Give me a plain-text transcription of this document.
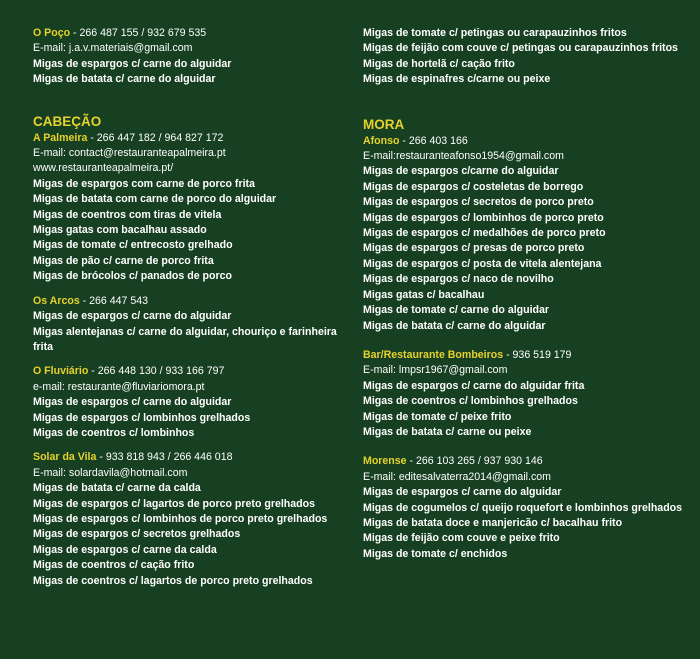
O Poço - 266 487 155 / 932 679 535
E-mail: j.a.v.materiais@gmail.com
Migas de espargos c/ carne do alguidar
Migas de batata c/ carne do alguidar
CABEÇÃO
A Palmeira - 266 447 182 / 964 827 172
E-mail: contact@restauranteapalmeira.pt
www.restauranteapalmeira.pt/
Migas de espargos com carne de porco frita
Migas de batata com carne de porco do alguidar
Migas de coentros com tiras de vitela
Migas gatas com bacalhau assado
Migas de tomate c/ entrecosto grelhado
Migas de pão c/ carne de porco frita
Migas de brócolos c/ panados de porco
Os Arcos - 266 447 543
Migas de espargos c/ carne do alguidar
Migas alentejanas c/ carne do alguidar, chouriço e farinheira
frita
O Fluviário - 266 448 130 / 933 166 797
e-mail: restaurante@fluviariomora.pt
Migas de espargos c/ carne do alguidar
Migas de espargos c/ lombinhos grelhados
Migas de coentros c/ lombinhos
Solar da Vila - 933 818 943 / 266 446 018
E-mail: solardavila@hotmail.com
Migas de batata c/ carne da calda
Migas de espargos c/ lagartos de porco preto grelhados
Migas de espargos c/ lombinhos de porco preto grelhados
Migas de espargos c/ secretos grelhados
Migas de espargos c/ carne da calda
Migas de coentros c/ cação frito
Migas de coentros c/ lagartos de porco preto grelhados
Migas de tomate c/ petingas ou carapauzinhos fritos
Migas de feijão com couve c/ petingas ou carapauzinhos fritos
Migas de hortelã c/ cação frito
Migas de espinafres c/carne ou peixe
MORA
Afonso - 266 403 166
E-mail:restauranteafonso1954@gmail.com
Migas de espargos c/carne do alguidar
Migas de espargos c/ costeletas de borrego
Migas de espargos c/ secretos de porco preto
Migas de espargos c/ lombinhos de porco preto
Migas de espargos c/ medalhões de porco preto
Migas de espargos c/ presas de porco preto
Migas de espargos c/ posta de vitela alentejana
Migas de espargos c/ naco de novilho
Migas gatas c/ bacalhau
Migas de tomate c/ carne do alguidar
Migas de batata c/ carne do alguidar
Bar/Restaurante Bombeiros - 936 519 179
E-mail: lmpsr1967@gmail.com
Migas de espargos c/ carne do alguidar frita
Migas de coentros c/ lombinhos grelhados
Migas de tomate c/ peixe frito
Migas de batata c/ carne ou peixe
Morense - 266 103 265 / 937 930 146
E-mail: editesalvaterra2014@gmail.com
Migas de espargos c/ carne do alguidar
Migas de cogumelos c/ queijo roquefort e lombinhos grelhados
Migas de batata doce e manjericão c/ bacalhau frito
Migas de feijão com couve e peixe frito
Migas de tomate c/ enchidos
